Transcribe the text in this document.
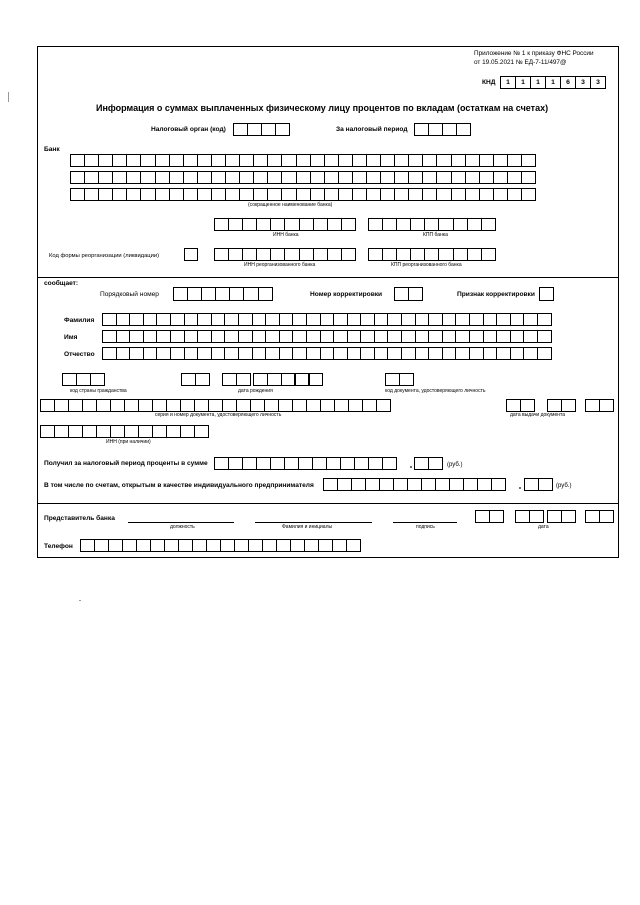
Приложение № 1 к приказу ФНС России
от 19.05.2021 № ЕД-7-11/497@
КНД	1	1	1	1	6	3	3
Информация о суммах выплаченных физическому лицу процентов по вкладам (остаткам на счетах)
Налоговый орган (код)	За налоговый период
Банк
(сокращенное наименование банка)
ИНН банка	КПП банка
Код формы реорганизации (ликвидации)
ИНН реорганизованного банка	КПП реорганизованного банка
сообщает:
Порядковый номер	Номер корректировки	Признак корректировки
Фамилия
Имя
Отчество
код страны гражданства	дата рождения	код документа, удостоверяющего личность
серия и номер документа, удостоверяющего личность	дата выдачи документа
ИНН (при наличии)
Получил за налоговый период проценты в сумме	(руб.)
В том числе по счетам, открытым в качестве индивидуального предпринимателя	(руб.)
Представитель банка
должность	Фамилия и инициалы	подпись	дата
Телефон
